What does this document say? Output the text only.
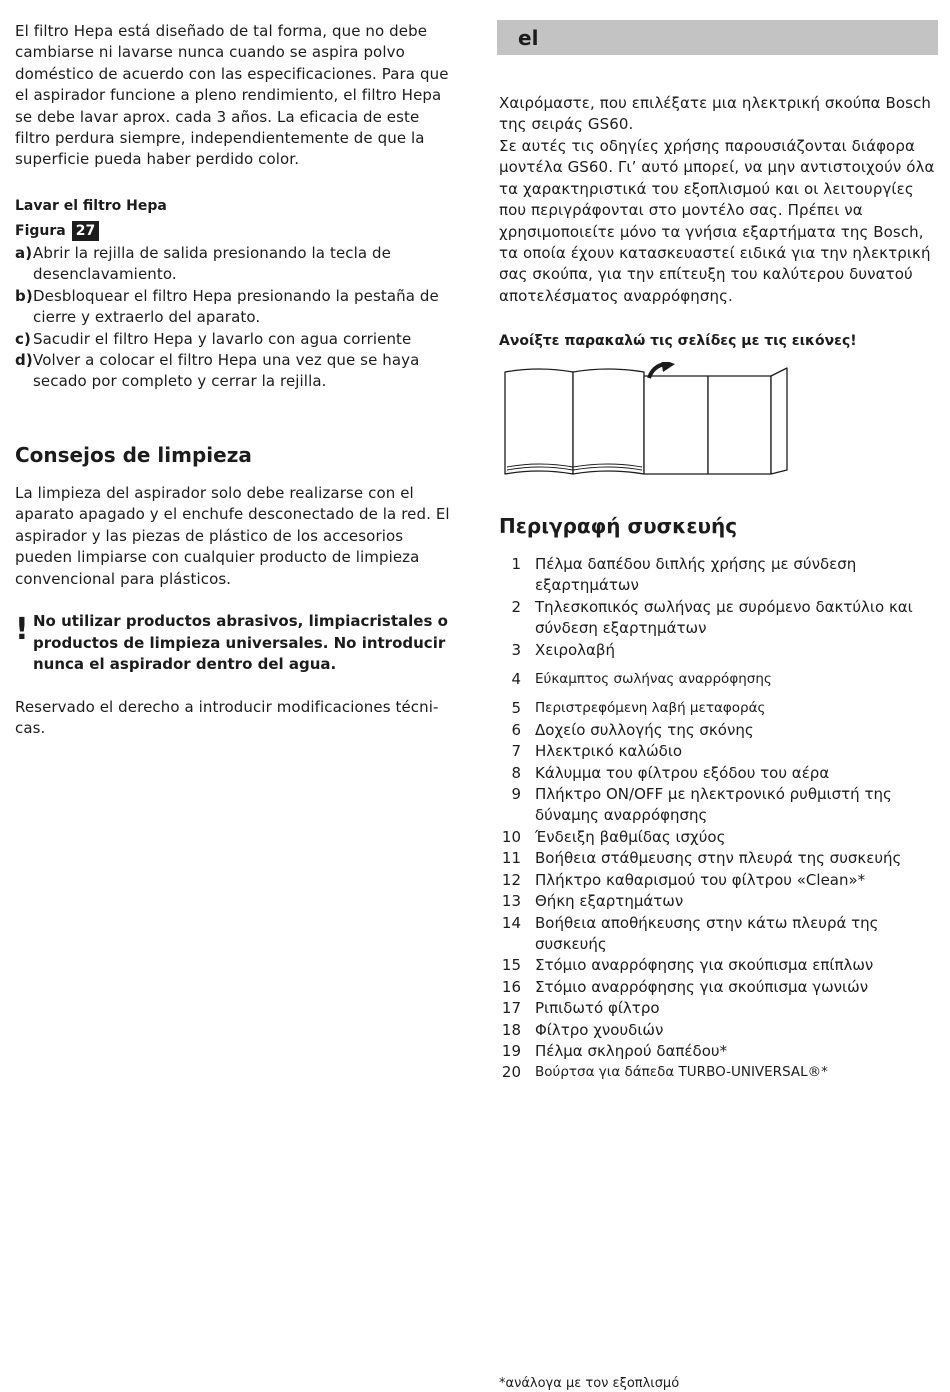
El filtro Hepa está diseñado de tal forma, que no debe cambiarse ni lavarse nunca cuando se aspira polvo doméstico de acuerdo con las especificaciones. Para que el aspirador funcione a pleno rendimiento, el filtro Hepa se debe lavar aprox. cada 3 años. La eficacia de este filtro perdura siempre, independientemente de que la superficie pueda haber perdido color.

Lavar el filtro Hepa
Figura 27
a) Abrir la rejilla de salida presionando la tecla de desenclavamiento.
b) Desbloquear el filtro Hepa presionando la pestaña de cierre y extraerlo del aparato.
c) Sacudir el filtro Hepa y lavarlo con agua corriente
d) Volver a colocar el filtro Hepa una vez que se haya secado por completo y cerrar la rejilla.
Consejos de limpieza

La limpieza del aspirador solo debe realizarse con el aparato apagado y el enchufe desconectado de la red. El aspirador y las piezas de plástico de los accesorios pueden limpiarse con cualquier producto de limpieza convencional para plásticos.

! No utilizar productos abrasivos, limpiacristales o productos de limpieza universales. No introducir nunca el aspirador dentro del agua.

Reservado el derecho a introducir modificaciones técni-cas.

el

Χαιρόμαστε, που επιλέξατε μια ηλεκτρική σκούπα Bosch της σειράς GS60.

Σε αυτές τις οδηγίες χρήσης παρουσιάζονται διάφορα μοντέλα GS60. Γι’ αυτό μπορεί, να μην αντιστοιχούν όλα τα χαρακτηριστικά του εξοπλισμού και οι λειτουργίες που περιγράφονται στο μοντέλο σας. Πρέπει να χρησιμοποιείτε μόνο τα γνήσια εξαρτήματα της Bosch, τα οποία έχουν κατασκευαστεί ειδικά για την ηλεκτρική σας σκούπα, για την επίτευξη του καλύτερου δυνατού αποτελέσματος αναρρόφησης.

Ανοίξτε παρακαλώ τις σελίδες με τις εικόνες!
Περιγραφή συσκευής
1 Πέλμα δαπέδου διπλής χρήσης με σύνδεση εξαρτημάτων
2 Τηλεσκοπικός σωλήνας με συρόμενο δακτύλιο και σύνδεση εξαρτημάτων
3 Χειρολαβή
4	Εύκαμπτος σωλήνας αναρρόφησης
5	Περιστρεφόμενη λαβή μεταφοράς
6 Δοχείο συλλογής της σκόνης
7 Ηλεκτρικό καλώδιο
8 Κάλυμμα του φίλτρου εξόδου του αέρα
9 Πλήκτρο ON/OFF με ηλεκτρονικό ρυθμιστή της δύναμης αναρρόφησης
10 Ένδειξη βαθμίδας ισχύος
11 Βοήθεια στάθμευσης στην πλευρά της συσκευής
12 Πλήκτρο καθαρισμού του φίλτρου «Clean»*
13 Θήκη εξαρτημάτων
14 Βοήθεια αποθήκευσης στην κάτω πλευρά της συσκευής
15 Στόμιο αναρρόφησης για σκούπισμα επίπλων
16 Στόμιο αναρρόφησης για σκούπισμα γωνιών
17 Ριπιδωτό φίλτρο
18 Φίλτρο χνουδιών
19 Πέλμα σκληρού δαπέδου*
20	Βούρτσα για δάπεδα TURBO-UNIVERSAL®*
*ανάλογα με τον εξοπλισμό
